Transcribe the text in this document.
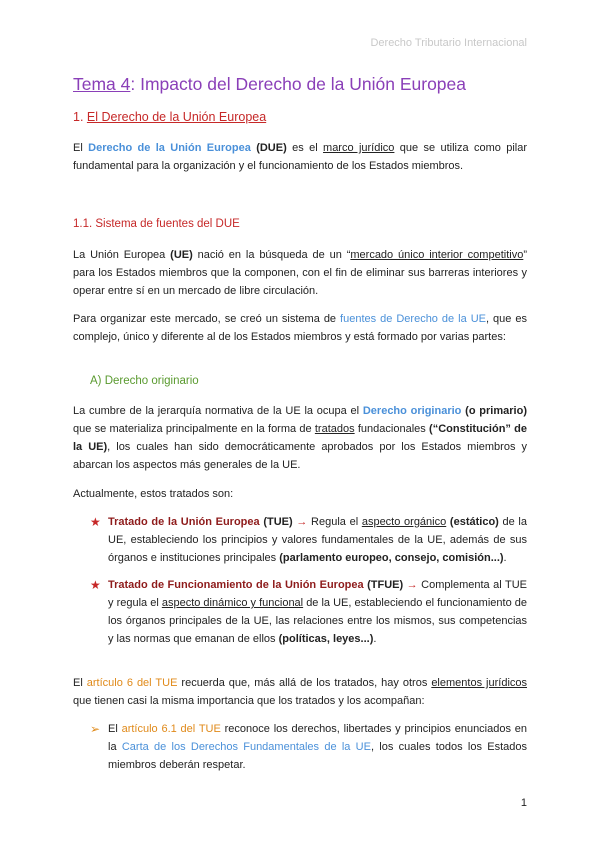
Derecho Tributario Internacional
Tema 4: Impacto del Derecho de la Unión Europea
1. El Derecho de la Unión Europea

El Derecho de la Unión Europea (DUE) es el marco jurídico que se utiliza como pilar fundamental para la organización y el funcionamiento de los Estados miembros.

1.1. Sistema de fuentes del DUE

La Unión Europea (UE) nació en la búsqueda de un “mercado único interior competitivo” para los Estados miembros que la componen, con el fin de eliminar sus barreras interiores y operar entre sí en un mercado de libre circulación.

Para organizar este mercado, se creó un sistema de fuentes de Derecho de la UE, que es complejo, único y diferente al de los Estados miembros y está formado por varias partes:

A) Derecho originario

La cumbre de la jerarquía normativa de la UE la ocupa el Derecho originario (o primario) que se materializa principalmente en la forma de tratados fundacionales (“Constitución” de la UE), los cuales han sido democráticamente aprobados por los Estados miembros y abarcan los aspectos más generales de la UE.

Actualmente, estos tratados son:

★ Tratado de la Unión Europea (TUE) → Regula el aspecto orgánico (estático) de la UE, estableciendo los principios y valores fundamentales de la UE, además de sus órganos e instituciones principales (parlamento europeo, consejo, comisión...).
★ Tratado de Funcionamiento de la Unión Europea (TFUE) → Complementa al TUE y regula el aspecto dinámico y funcional de la UE, estableciendo el funcionamiento de los órganos principales de la UE, las relaciones entre los mismos, sus competencias y las normas que emanan de ellos (políticas, leyes...).

El artículo 6 del TUE recuerda que, más allá de los tratados, hay otros elementos jurídicos que tienen casi la misma importancia que los tratados y los acompañan:

➢ El artículo 6.1 del TUE reconoce los derechos, libertades y principios enunciados en la Carta de los Derechos Fundamentales de la UE, los cuales todos los Estados miembros deberán respetar.
1
